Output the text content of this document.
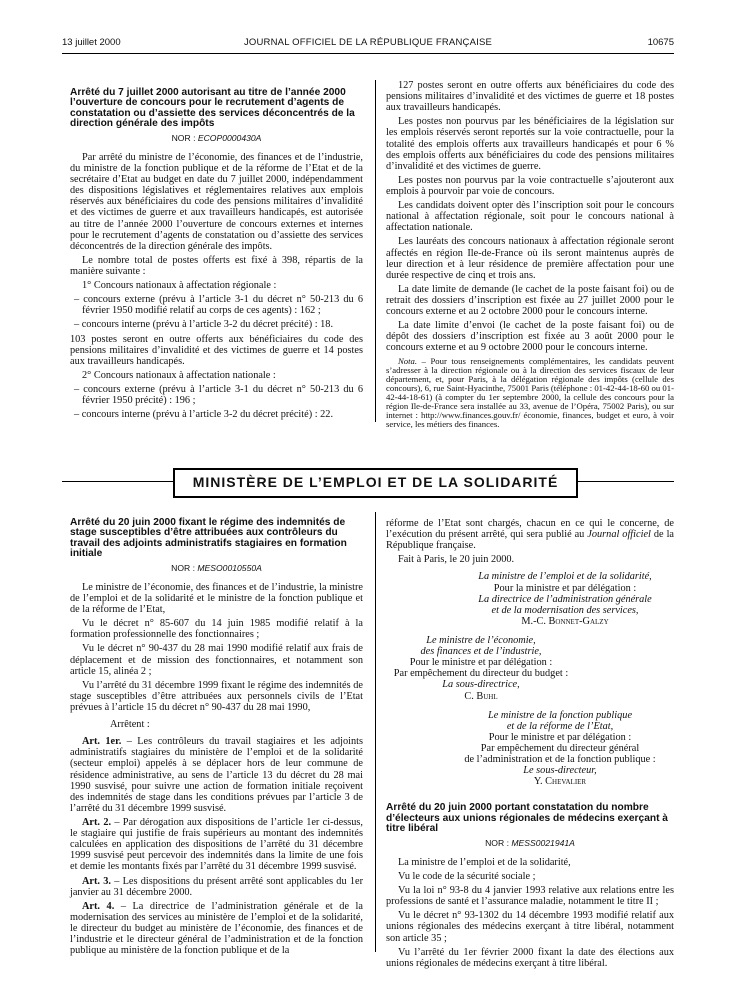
13 juillet 2000	JOURNAL OFFICIEL DE LA RÉPUBLIQUE FRANÇAISE	10675
Arrêté du 7 juillet 2000 autorisant au titre de l’année 2000 l’ouverture de concours pour le recrutement d’agents de constatation ou d’assiette des services déconcentrés de la direction générale des impôts
NOR : ECOP0000430A

Par arrêté du ministre de l’économie, des finances et de l’industrie, du ministre de la fonction publique et de la réforme de l’Etat et de la secrétaire d’Etat au budget en date du 7 juillet 2000, indépendamment des dispositions législatives et réglementaires relatives aux emplois réservés aux bénéficiaires du code des pensions militaires d’invalidité et des victimes de guerre et aux travailleurs handicapés, est autorisée au titre de l’année 2000 l’ouverture de concours externes et internes pour le recrutement d’agents de constatation ou d’assiette des services déconcentrés de la direction générale des impôts.

Le nombre total de postes offerts est fixé à 398, répartis de la manière suivante :

1° Concours nationaux à affectation régionale :

– concours externe (prévu à l’article 3-1 du décret n° 50-213 du 6 février 1950 modifié relatif au corps de ces agents) : 162 ;

– concours interne (prévu à l’article 3-2 du décret précité) : 18.

103 postes seront en outre offerts aux bénéficiaires du code des pensions militaires d’invalidité et des victimes de guerre et 14 postes aux travailleurs handicapés.

2° Concours nationaux à affectation nationale :

– concours externe (prévu à l’article 3-1 du décret n° 50-213 du 6 février 1950 précité) : 196 ;

– concours interne (prévu à l’article 3-2 du décret précité) : 22.

127 postes seront en outre offerts aux bénéficiaires du code des pensions militaires d’invalidité et des victimes de guerre et 18 postes aux travailleurs handicapés.

Les postes non pourvus par les bénéficiaires de la législation sur les emplois réservés seront reportés sur la voie contractuelle, pour la totalité des emplois offerts aux travailleurs handicapés et pour 6 % des emplois offerts aux bénéficiaires du code des pensions militaires d’invalidité et des victimes de guerre.

Les postes non pourvus par la voie contractuelle s’ajouteront aux emplois à pourvoir par voie de concours.

Les candidats doivent opter dès l’inscription soit pour le concours national à affectation régionale, soit pour le concours national à affectation nationale.

Les lauréats des concours nationaux à affectation régionale seront affectés en région Ile-de-France où ils seront maintenus auprès de leur direction et à leur résidence de première affectation pour une durée respective de cinq et trois ans.

La date limite de demande (le cachet de la poste faisant foi) ou de retrait des dossiers d’inscription est fixée au 27 juillet 2000 pour le concours externe et au 2 octobre 2000 pour le concours interne.

La date limite d’envoi (le cachet de la poste faisant foi) ou de dépôt des dossiers d’inscription est fixée au 3 août 2000 pour le concours externe et au 9 octobre 2000 pour le concours interne.

Nota. – Pour tous renseignements complémentaires, les candidats peuvent s’adresser à la direction régionale ou à la direction des services fiscaux de leur département, et, pour Paris, à la délégation régionale des impôts (cellule des concours), 6, rue Saint-Hyacinthe, 75001 Paris (téléphone : 01-42-44-18-60 ou 01-42-44-18-61) (à compter du 1er septembre 2000, la cellule des concours pour la région Ile-de-France sera installée au 33, avenue de l’Opéra, 75002 Paris), ou sur internet : http://www.finances.gouv.fr/ économie, finances, budget et euro, à voir service, les métiers des finances.

MINISTÈRE DE L’EMPLOI ET DE LA SOLIDARITÉ
Arrêté du 20 juin 2000 fixant le régime des indemnités de stage susceptibles d’être attribuées aux contrôleurs du travail des adjoints administratifs stagiaires en formation initiale
NOR : MESO0010550A

Le ministre de l’économie, des finances et de l’industrie, la ministre de l’emploi et de la solidarité et le ministre de la fonction publique et de la réforme de l’Etat,

Vu le décret n° 85-607 du 14 juin 1985 modifié relatif à la formation professionnelle des fonctionnaires ;

Vu le décret n° 90-437 du 28 mai 1990 modifié relatif aux frais de déplacement et de mission des fonctionnaires, et notamment son article 15, alinéa 2 ;

Vu l’arrêté du 31 décembre 1999 fixant le régime des indemnités de stage susceptibles d’être attribuées aux personnels civils de l’Etat prévues à l’article 15 du décret n° 90-437 du 28 mai 1990,

Arrêtent :

Art. 1er. – Les contrôleurs du travail stagiaires et les adjoints administratifs stagiaires du ministère de l’emploi et de la solidarité (secteur emploi) appelés à se déplacer hors de leur commune de résidence administrative, au sens de l’article 13 du décret du 28 mai 1990 susvisé, pour suivre une action de formation initiale reçoivent des indemnités de stage dans les conditions prévues par l’article 3 de l’arrêté du 31 décembre 1999 susvisé.

Art. 2. – Par dérogation aux dispositions de l’article 1er ci-dessus, le stagiaire qui justifie de frais supérieurs au montant des indemnités calculées en application des dispositions de l’arrêté du 31 décembre 1999 susvisé peut percevoir des indemnités dans la limite de une fois et demie les montants fixés par l’arrêté du 31 décembre 1999 susvisé.

Art. 3. – Les dispositions du présent arrêté sont applicables du 1er janvier au 31 décembre 2000.

Art. 4. – La directrice de l’administration générale et de la modernisation des services au ministère de l’emploi et de la solidarité, le directeur du budget au ministère de l’économie, des finances et de l’industrie et le directeur général de l’administration et de la fonction publique au ministère de la fonction publique et de la

réforme de l’Etat sont chargés, chacun en ce qui le concerne, de l’exécution du présent arrêté, qui sera publié au Journal officiel de la République française.

Fait à Paris, le 20 juin 2000.

La ministre de l’emploi et de la solidarité,

Pour la ministre et par délégation :

La directrice de l’administration générale

et de la modernisation des services,

M.-C. Bonnet-Galzy

Le ministre de l’économie,

des finances et de l’industrie,

Pour le ministre et par délégation :

Par empêchement du directeur du budget :

La sous-directrice,

C. Buhl

Le ministre de la fonction publique

et de la réforme de l’Etat,

Pour le ministre et par délégation :

Par empêchement du directeur général

de l’administration et de la fonction publique :

Le sous-directeur,

Y. Chevalier

Arrêté du 20 juin 2000 portant constatation du nombre d’électeurs aux unions régionales de médecins exerçant à titre libéral
NOR : MESS0021941A

La ministre de l’emploi et de la solidarité,

Vu le code de la sécurité sociale ;

Vu la loi n° 93-8 du 4 janvier 1993 relative aux relations entre les professions de santé et l’assurance maladie, notamment le titre II ;

Vu le décret n° 93-1302 du 14 décembre 1993 modifié relatif aux unions régionales des médecins exerçant à titre libéral, notamment son article 35 ;

Vu l’arrêté du 1er février 2000 fixant la date des élections aux unions régionales de médecins exerçant à titre libéral.
